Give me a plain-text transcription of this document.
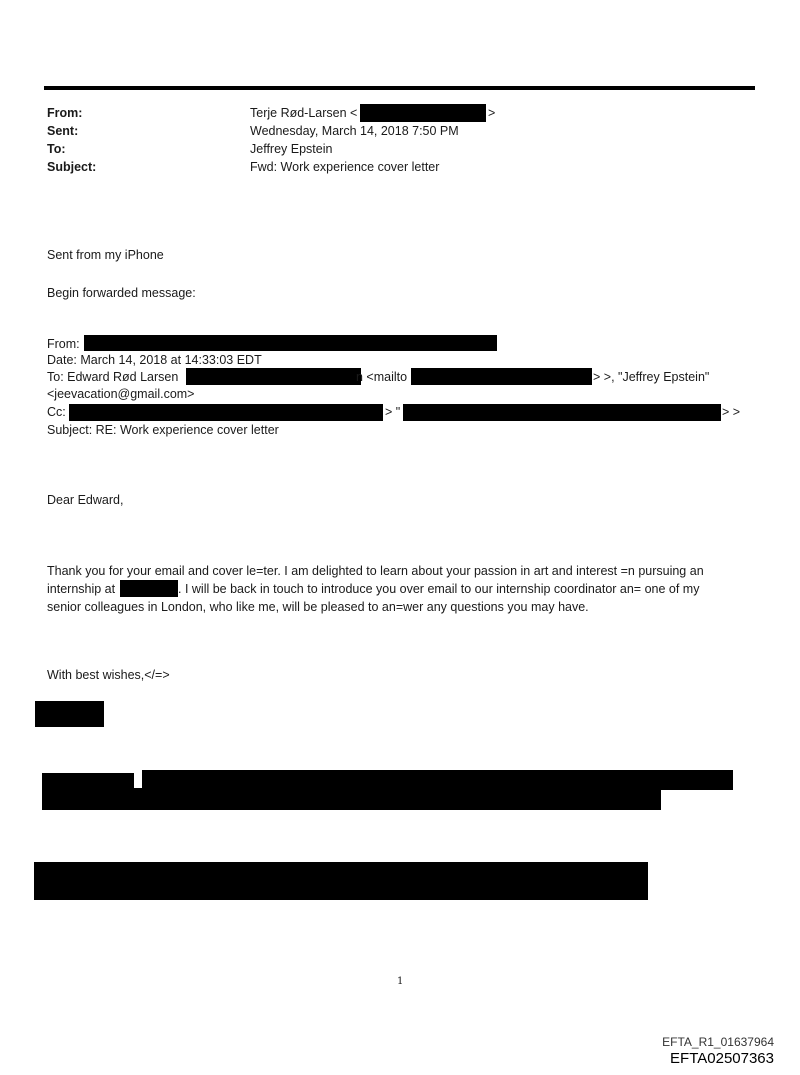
From:	Terje Rød-Larsen <	>
Sent:	Wednesday, March 14, 2018 7:50 PM
To:	Jeffrey Epstein
Subject:	Fwd: Work experience cover letter
Sent from my iPhone
Begin forwarded message:
From:
Date: March 14, 2018 at 14:33:03 EDT
To: Edward Rød Larsen	n <mailto	> >, "Jeffrey Epstein"
<jeevacation@gmail.com>
Cc:	> "	> >
Subject: RE: Work experience cover letter
Dear Edward,
Thank you for your email and cover le=ter. I am delighted to learn about your passion in art and interest =n pursuing an
internship at	. I will be back in touch to introduce you over email to our internship coordinator an= one of my
senior colleagues in London, who like me, will be pleased to an=wer any questions you may have.
With best wishes,</=>
1
EFTA_R1_01637964
EFTA02507363
